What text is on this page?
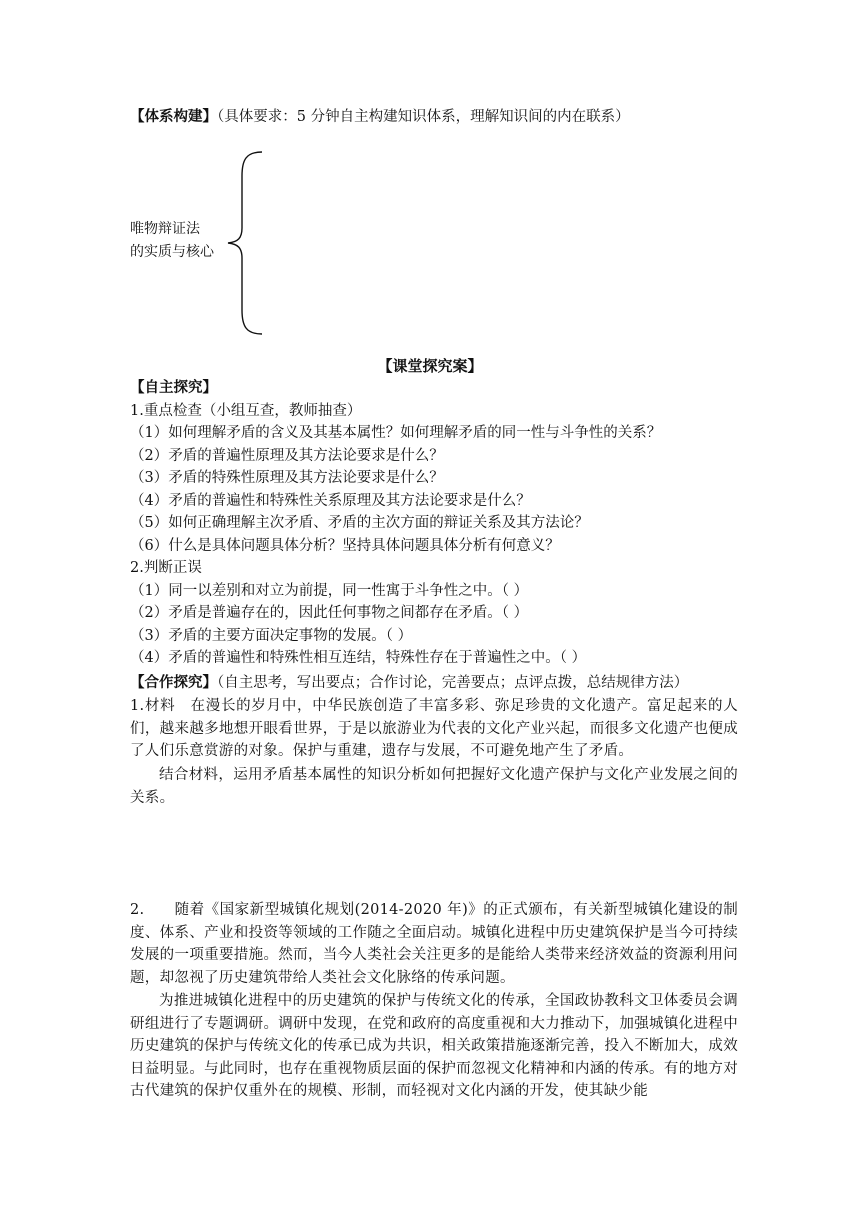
【体系构建】（具体要求：5 分钟自主构建知识体系，理解知识间的内在联系）
唯物辩证法
的实质与核心
【课堂探究案】
【自主探究】
1.重点检查（小组互查，教师抽查）
（1）如何理解矛盾的含义及其基本属性？如何理解矛盾的同一性与斗争性的关系？
（2）矛盾的普遍性原理及其方法论要求是什么？
（3）矛盾的特殊性原理及其方法论要求是什么？
（4）矛盾的普遍性和特殊性关系原理及其方法论要求是什么？
（5）如何正确理解主次矛盾、矛盾的主次方面的辩证关系及其方法论？
（6）什么是具体问题具体分析？坚持具体问题具体分析有何意义？
2.判断正误
（1）同一以差别和对立为前提，同一性寓于斗争性之中。（ ）
（2）矛盾是普遍存在的，因此任何事物之间都存在矛盾。（ ）
（3）矛盾的主要方面决定事物的发展。（ ）
（4）矛盾的普遍性和特殊性相互连结，特殊性存在于普遍性之中。（ ）
【合作探究】（自主思考，写出要点；合作讨论，完善要点；点评点拨，总结规律方法）
1.材料　在漫长的岁月中，中华民族创造了丰富多彩、弥足珍贵的文化遗产。富足起来的人们，越来越多地想开眼看世界，于是以旅游业为代表的文化产业兴起，而很多文化遗产也便成了人们乐意赏游的对象。保护与重建，遗存与发展，不可避免地产生了矛盾。
结合材料，运用矛盾基本属性的知识分析如何把握好文化遗产保护与文化产业发展之间的关系。
2.　　随着《国家新型城镇化规划(2014-2020 年)》的正式颁布，有关新型城镇化建设的制度、体系、产业和投资等领域的工作随之全面启动。城镇化进程中历史建筑保护是当今可持续发展的一项重要措施。然而，当今人类社会关注更多的是能给人类带来经济效益的资源利用问题，却忽视了历史建筑带给人类社会文化脉络的传承问题。
为推进城镇化进程中的历史建筑的保护与传统文化的传承，全国政协教科文卫体委员会调研组进行了专题调研。调研中发现，在党和政府的高度重视和大力推动下，加强城镇化进程中历史建筑的保护与传统文化的传承已成为共识，相关政策措施逐渐完善，投入不断加大，成效日益明显。与此同时，也存在重视物质层面的保护而忽视文化精神和内涵的传承。有的地方对古代建筑的保护仅重外在的规模、形制，而轻视对文化内涵的开发，使其缺少能
